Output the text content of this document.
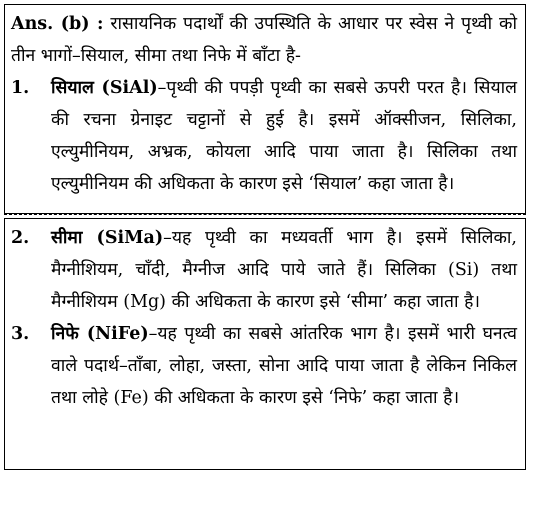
Ans. (b) : रासायनिक पदार्थों की उपस्थिति के आधार पर स्वेस ने पृथ्वी को तीन भागों–सियाल, सीमा तथा निफे में बाँटा है-

1.	सियाल (SiAl)–पृथ्वी की पपड़ी पृथ्वी का सबसे ऊपरी परत है। सियाल की रचना ग्रेनाइट चट्टानों से हुई है। इसमें ऑक्सीजन, सिलिका, एल्युमीनियम, अभ्रक, कोयला आदि पाया जाता है। सिलिका तथा एल्युमीनियम की अधिकता के कारण इसे ‘सियाल’ कहा जाता है।
2.	सीमा (SiMa)–यह पृथ्वी का मध्यवर्ती भाग है। इसमें सिलिका, मैग्नीशियम, चाँदी, मैग्नीज आदि पाये जाते हैं। सिलिका (Si) तथा मैग्नीशियम (Mg) की अधिकता के कारण इसे ‘सीमा’ कहा जाता है।
3.	निफे (NiFe)–यह पृथ्वी का सबसे आंतरिक भाग है। इसमें भारी घनत्व वाले पदार्थ–ताँबा, लोहा, जस्ता, सोना आदि पाया जाता है लेकिन निकिल तथा लोहे (Fe) की अधिकता के कारण इसे ‘निफे’ कहा जाता है।
